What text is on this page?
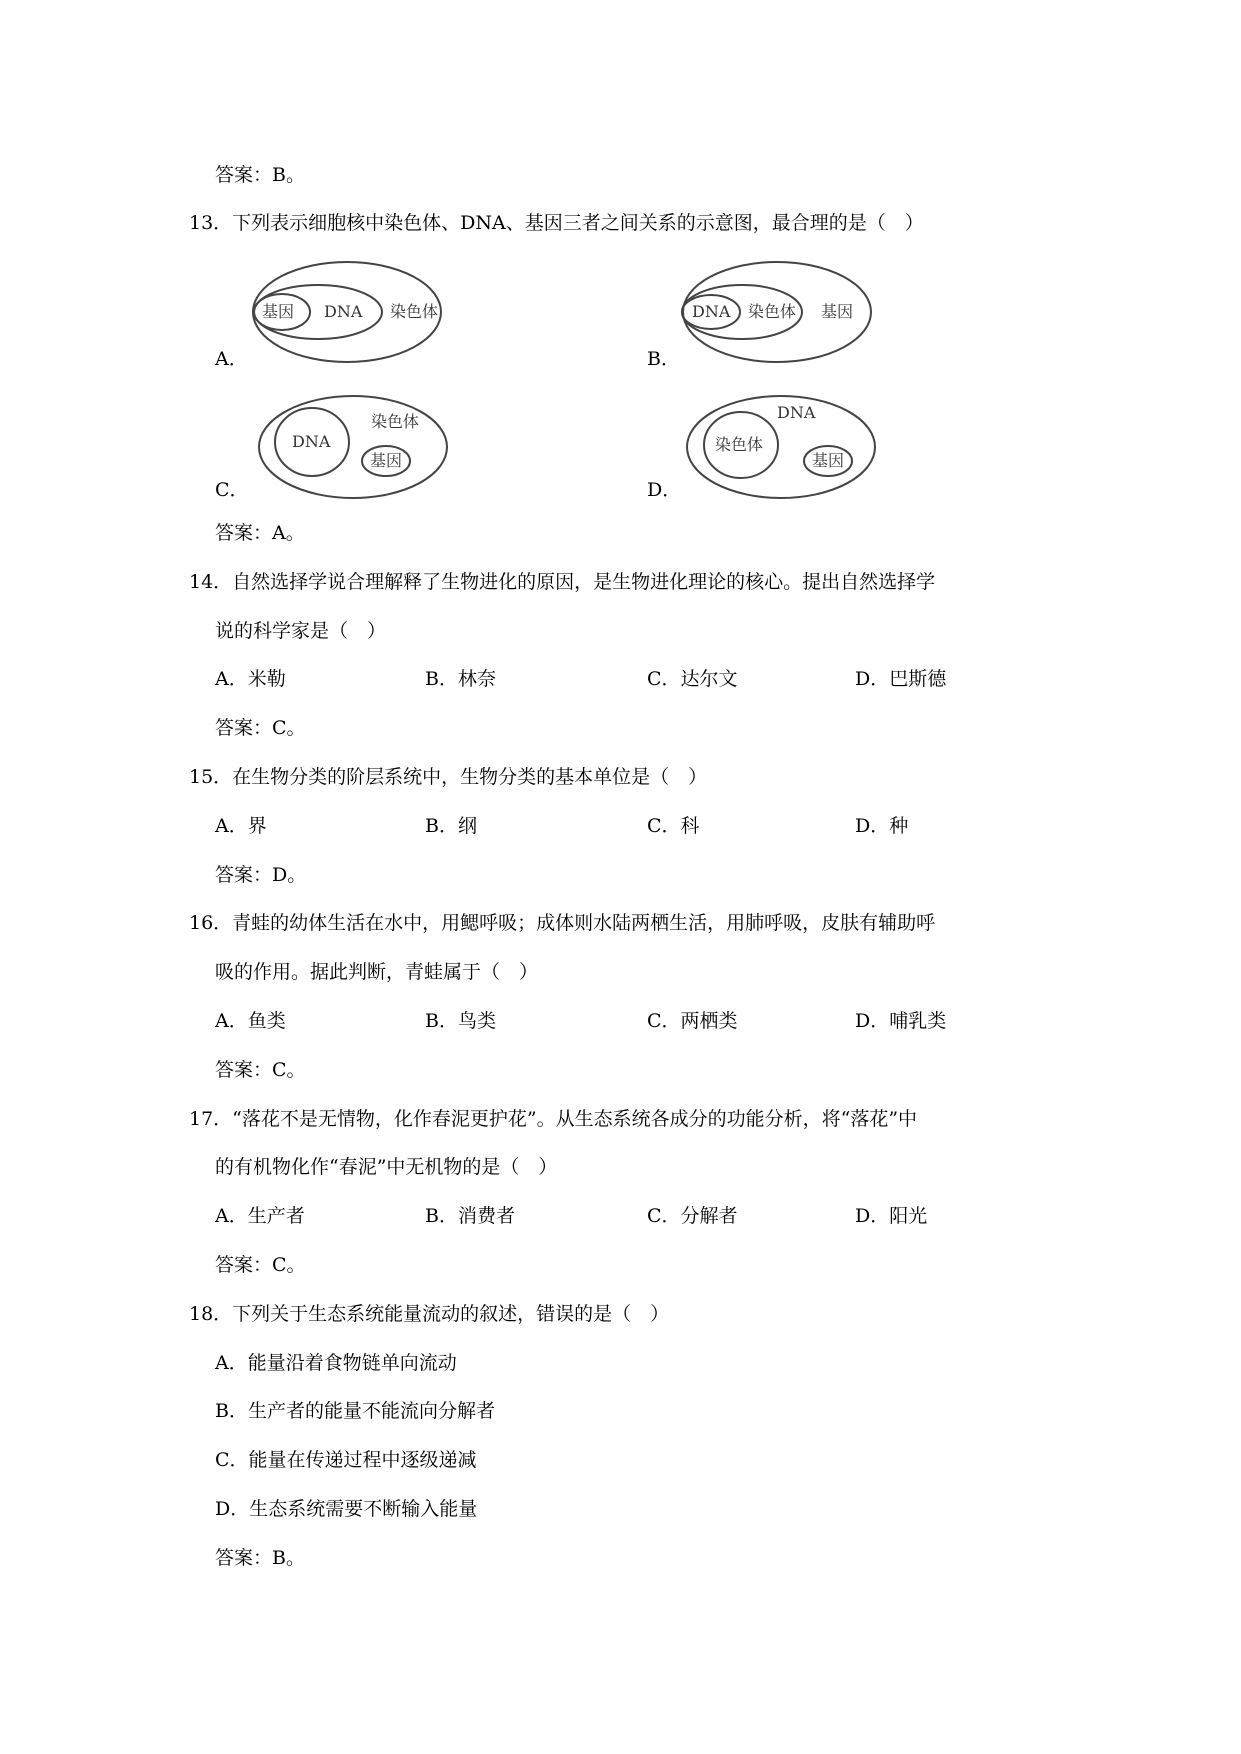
答案：B。
13．下列表示细胞核中染色体、DNA、基因三者之间关系的示意图，最合理的是（　）
基因 DNA 染色体
A．
DNA 染色体 基因
B．
DNA
染色体
基因
C．
DNA
染色体
基因
D．
答案：A。
14．自然选择学说合理解释了生物进化的原因，是生物进化理论的核心。提出自然选择学
说的科学家是（　）
A．米勒	B．林奈	C．达尔文	D．巴斯德
答案：C。
15．在生物分类的阶层系统中，生物分类的基本单位是（　）
A．界	B．纲	C．科	D．种
答案：D。
16．青蛙的幼体生活在水中，用鳃呼吸；成体则水陆两栖生活，用肺呼吸，皮肤有辅助呼
吸的作用。据此判断，青蛙属于（　）
A．鱼类	B．鸟类	C．两栖类	D．哺乳类
答案：C。
17．“落花不是无情物，化作春泥更护花”。从生态系统各成分的功能分析，将“落花”中
的有机物化作“春泥”中无机物的是（　）
A．生产者	B．消费者	C．分解者	D．阳光
答案：C。
18．下列关于生态系统能量流动的叙述，错误的是（　）
A．能量沿着食物链单向流动
B．生产者的能量不能流向分解者
C．能量在传递过程中逐级递减
D．生态系统需要不断输入能量
答案：B。
